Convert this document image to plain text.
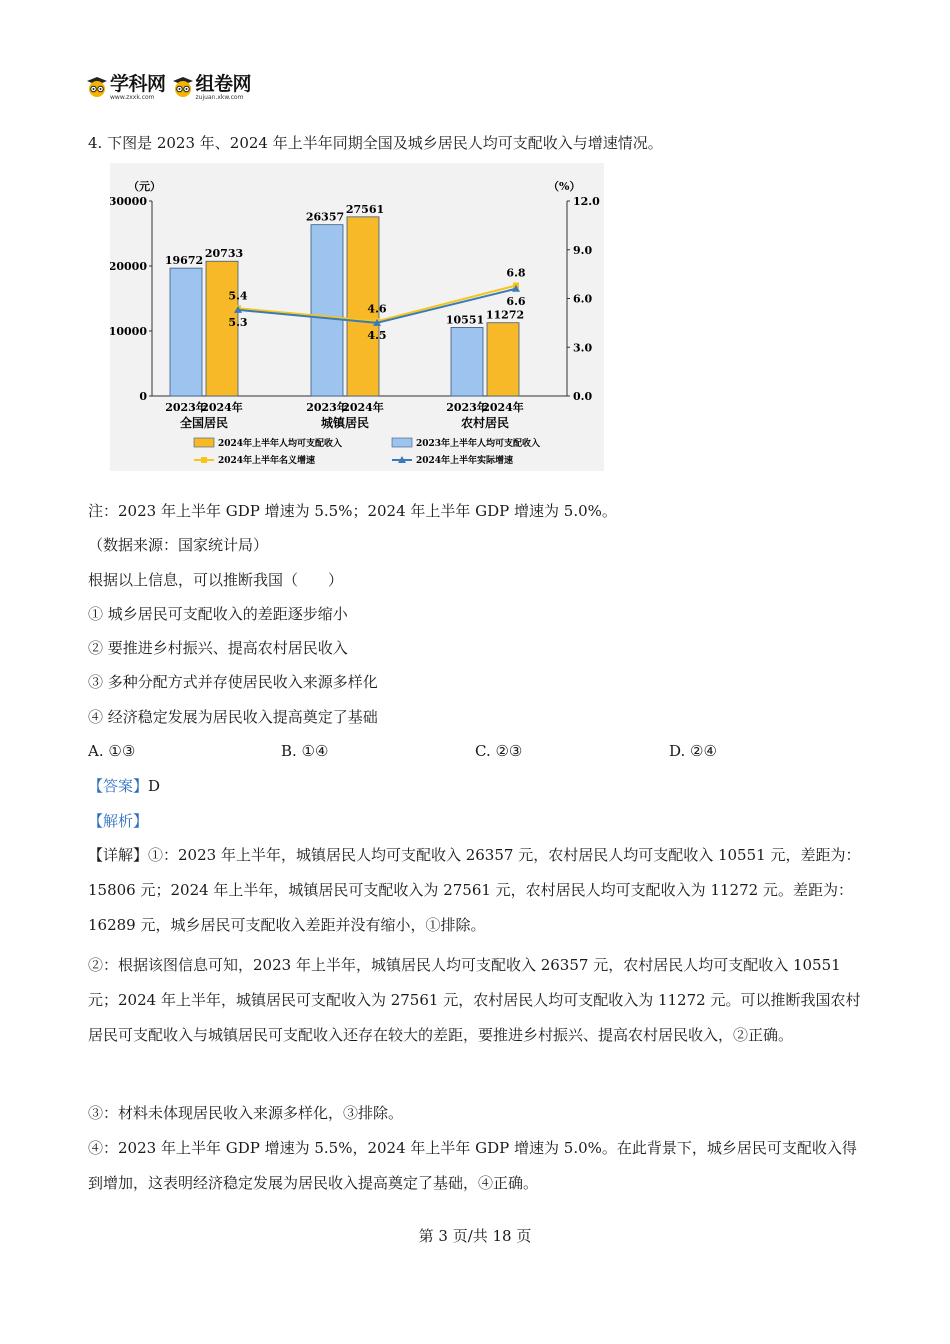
学科网
www.zxxk.com
组卷网
zujuan.xkw.com
4. 下图是 2023 年、2024 年上半年同期全国及城乡居民人均可支配收入与增速情况。
（元）	（%）
0
10000
20000
30000
0.0
3.0
6.0
9.0
12.0
19672
26357
10551
20733
27561
11272
2023年
2024年
全国居民
2023年
2024年
城镇居民
2023年
2024年
农村居民
5.4
4.6
6.8
5.3
4.5
6.6
2024年上半年人均可支配收入	2023年上半年人均可支配收入
2024年上半年名义增速	2024年上半年实际增速
注：2023 年上半年 GDP 增速为 5.5%；2024 年上半年 GDP 增速为 5.0%。
（数据来源：国家统计局）
根据以上信息，可以推断我国（　　）
① 城乡居民可支配收入的差距逐步缩小
② 要推进乡村振兴、提高农村居民收入
③ 多种分配方式并存使居民收入来源多样化
④ 经济稳定发展为居民收入提高奠定了基础
A. ①③	B. ①④	C. ②③	D. ②④
【答案】D
【解析】
【详解】①：2023 年上半年，城镇居民人均可支配收入 26357 元，农村居民人均可支配收入 10551 元，差距为：15806 元；2024 年上半年，城镇居民可支配收入为 27561 元，农村居民人均可支配收入为 11272 元。差距为：16289 元，城乡居民可支配收入差距并没有缩小，①排除。
②：根据该图信息可知，2023 年上半年，城镇居民人均可支配收入 26357 元，农村居民人均可支配收入 10551 元；2024 年上半年，城镇居民可支配收入为 27561 元，农村居民人均可支配收入为 11272 元。可以推断我国农村居民可支配收入与城镇居民可支配收入还存在较大的差距，要推进乡村振兴、提高农村居民收入，②正确。
③：材料未体现居民收入来源多样化，③排除。
④：2023 年上半年 GDP 增速为 5.5%，2024 年上半年 GDP 增速为 5.0%。在此背景下，城乡居民可支配收入得到增加，这表明经济稳定发展为居民收入提高奠定了基础，④正确。
第 3 页/共 18 页
